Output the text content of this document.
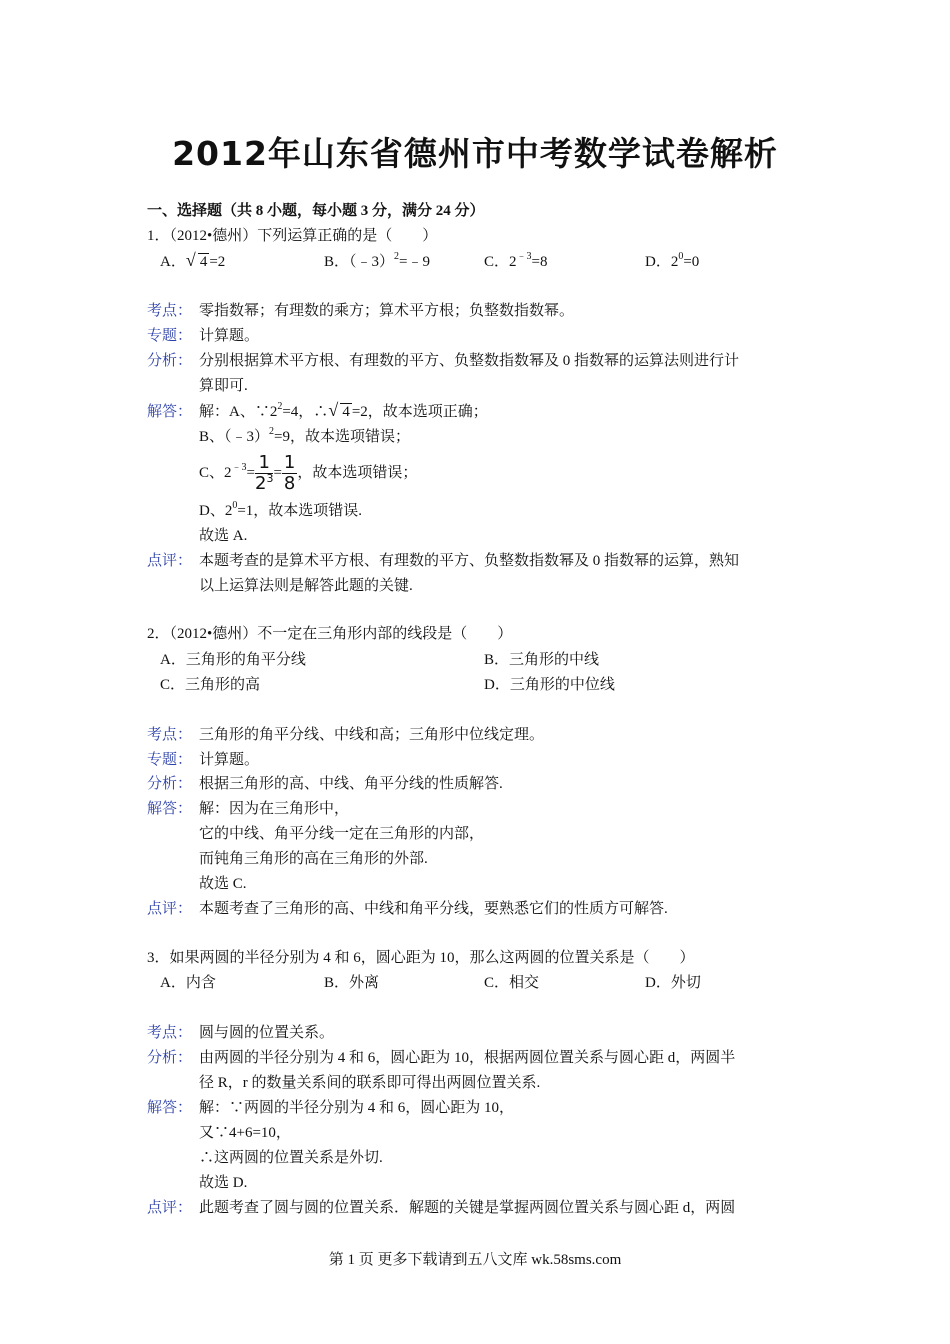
2012年山东省德州市中考数学试卷解析
一、选择题（共 8 小题，每小题 3 分，满分 24 分）
1．（2012•德州）下列运算正确的是（　　）
A． √ 4 =2	B．（﹣3）$^2$=﹣9	C．$2^{﹣3}=8$	D．$2^0=0$
考点： 零指数幂；有理数的乘方；算术平方根；负整数指数幂。
专题： 计算题。
分析： 分别根据算术平方根、有理数的平方、负整数指数幂及 0 指数幂的运算法则进行计
算即可.
解答： 解：A、$\because 2^2=4$，∴ √ 4 =2，故本选项正确；
B、（﹣3）$^2$=9，故本选项错误；
C、$2^{﹣3}= \frac{1}{2^3} = \frac{1}{8}$ ，故本选项错误；
D、$2^0=1$，故本选项错误.
故选 A.
点评： 本题考查的是算术平方根、有理数的平方、负整数指数幂及 0 指数幂的运算，熟知
以上运算法则是解答此题的关键.
2．（2012•德州）不一定在三角形内部的线段是（　　）
A．三角形的角平分线	B．三角形的中线
C．三角形的高	D．三角形的中位线
考点： 三角形的角平分线、中线和高；三角形中位线定理。
专题： 计算题。
分析： 根据三角形的高、中线、角平分线的性质解答.
解答： 解：因为在三角形中，
它的中线、角平分线一定在三角形的内部，
而钝角三角形的高在三角形的外部.
故选 C.
点评： 本题考查了三角形的高、中线和角平分线，要熟悉它们的性质方可解答.
3．如果两圆的半径分别为 4 和 6，圆心距为 10，那么这两圆的位置关系是（　　）
A．内含	B．外离	C．相交	D．外切
考点： 圆与圆的位置关系。
分析： 由两圆的半径分别为 4 和 6，圆心距为 10，根据两圆位置关系与圆心距 d，两圆半
径 R，r 的数量关系间的联系即可得出两圆位置关系.
解答： 解：∵两圆的半径分别为 4 和 6，圆心距为 10，
又∵4+6=10，
∴这两圆的位置关系是外切.
故选 D.
点评： 此题考查了圆与圆的位置关系．解题的关键是掌握两圆位置关系与圆心距 d，两圆
第 1 页 更多下载请到五八文库 wk.58sms.com
